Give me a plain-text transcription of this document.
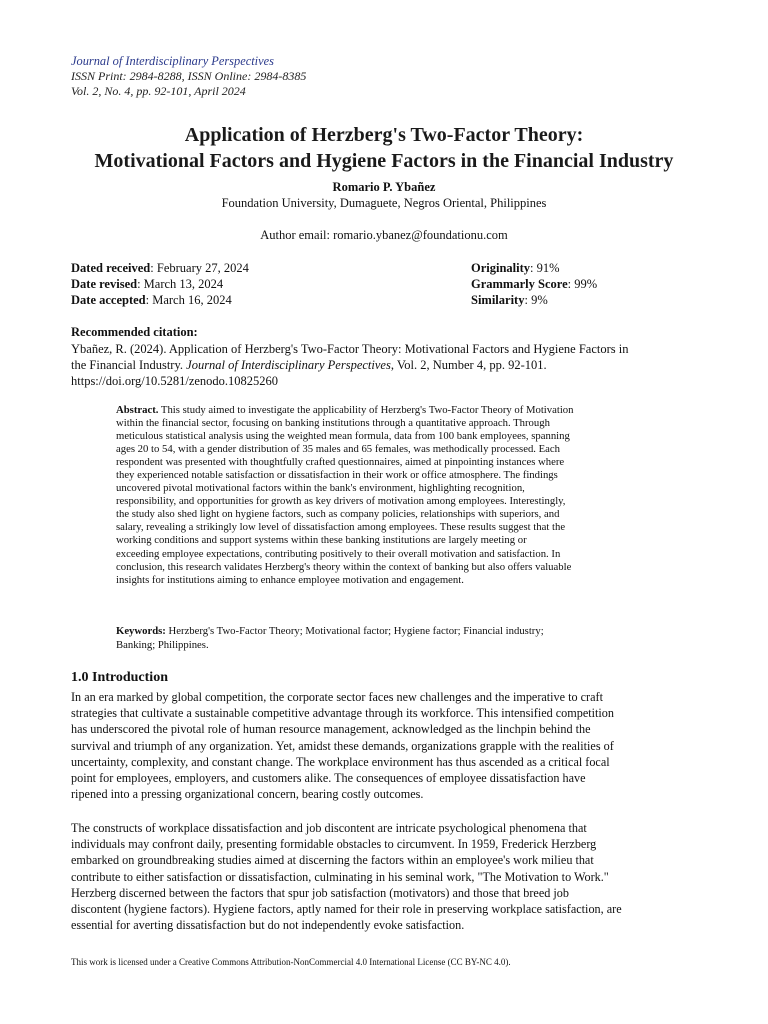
Journal of Interdisciplinary Perspectives
ISSN Print: 2984-8288, ISSN Online: 2984-8385
Vol. 2, No. 4, pp. 92-101, April 2024
Application of Herzberg's Two-Factor Theory:
Motivational Factors and Hygiene Factors in the Financial Industry
Romario P. Ybañez
Foundation University, Dumaguete, Negros Oriental, Philippines
Author email: romario.ybanez@foundationu.com
Dated received: February 27, 2024
Date revised: March 13, 2024
Date accepted: March 16, 2024
Originality: 91%
Grammarly Score: 99%
Similarity: 9%
Recommended citation:
Ybañez, R. (2024). Application of Herzberg's Two-Factor Theory: Motivational Factors and Hygiene Factors in
the Financial Industry. Journal of Interdisciplinary Perspectives, Vol. 2, Number 4, pp. 92-101.
https://doi.org/10.5281/zenodo.10825260
Abstract. This study aimed to investigate the applicability of Herzberg's Two-Factor Theory of Motivation
within the financial sector, focusing on banking institutions through a quantitative approach. Through
meticulous statistical analysis using the weighted mean formula, data from 100 bank employees, spanning
ages 20 to 54, with a gender distribution of 35 males and 65 females, was methodically processed. Each
respondent was presented with thoughtfully crafted questionnaires, aimed at pinpointing instances where
they experienced notable satisfaction or dissatisfaction in their work or office atmosphere. The findings
uncovered pivotal motivational factors within the bank's environment, highlighting recognition,
responsibility, and opportunities for growth as key drivers of motivation among employees. Interestingly,
the study also shed light on hygiene factors, such as company policies, relationships with superiors, and
salary, revealing a strikingly low level of dissatisfaction among employees. These results suggest that the
working conditions and support systems within these banking institutions are largely meeting or
exceeding employee expectations, contributing positively to their overall motivation and satisfaction. In
conclusion, this research validates Herzberg's theory within the context of banking but also offers valuable
insights for institutions aiming to enhance employee motivation and engagement.
Keywords: Herzberg's Two-Factor Theory; Motivational factor; Hygiene factor; Financial industry;
Banking; Philippines.
1.0 Introduction
In an era marked by global competition, the corporate sector faces new challenges and the imperative to craft
strategies that cultivate a sustainable competitive advantage through its workforce. This intensified competition
has underscored the pivotal role of human resource management, acknowledged as the linchpin behind the
survival and triumph of any organization. Yet, amidst these demands, organizations grapple with the realities of
uncertainty, complexity, and constant change. The workplace environment has thus ascended as a critical focal
point for employees, employers, and customers alike. The consequences of employee dissatisfaction have
ripened into a pressing organizational concern, bearing costly outcomes.
The constructs of workplace dissatisfaction and job discontent are intricate psychological phenomena that
individuals may confront daily, presenting formidable obstacles to circumvent. In 1959, Frederick Herzberg
embarked on groundbreaking studies aimed at discerning the factors within an employee's work milieu that
contribute to either satisfaction or dissatisfaction, culminating in his seminal work, "The Motivation to Work."
Herzberg discerned between the factors that spur job satisfaction (motivators) and those that breed job
discontent (hygiene factors). Hygiene factors, aptly named for their role in preserving workplace satisfaction, are
essential for averting dissatisfaction but do not independently evoke satisfaction.
This work is licensed under a Creative Commons Attribution-NonCommercial 4.0 International License (CC BY-NC 4.0).
